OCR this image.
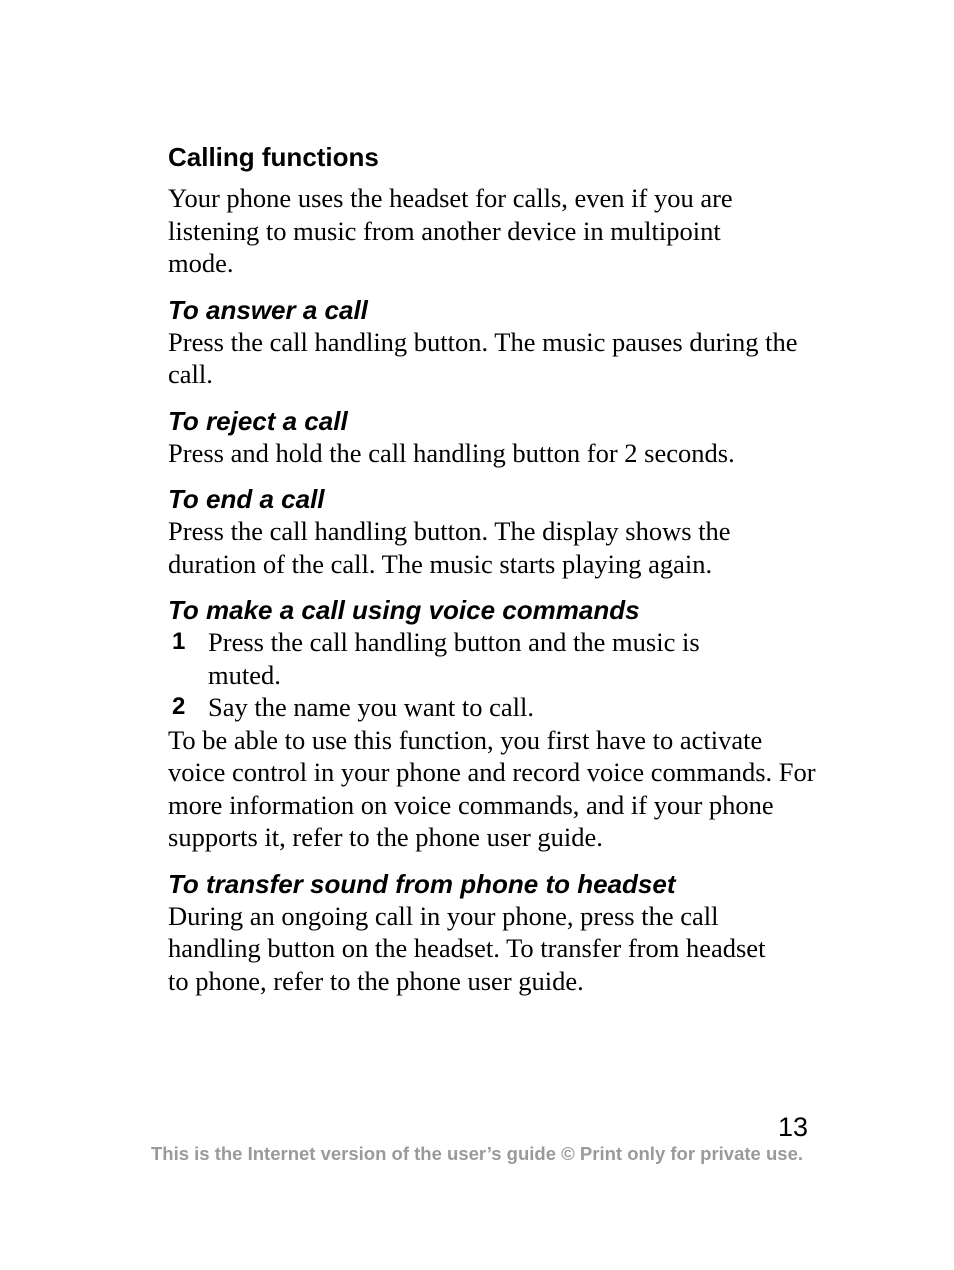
Calling functions

Your phone uses the headset for calls, even if you are listening to music from another device in multipoint mode.

To answer a call

Press the call handling button. The music pauses during the call.

To reject a call

Press and hold the call handling button for 2 seconds.

To end a call

Press the call handling button. The display shows the duration of the call. The music starts playing again.

To make a call using voice commands
1 Press the call handling button and the music is muted.
2 Say the name you want to call.

To be able to use this function, you first have to activate voice control in your phone and record voice commands. For more information on voice commands, and if your phone supports it, refer to the phone user guide.

To transfer sound from phone to headset

During an ongoing call in your phone, press the call handling button on the headset. To transfer from headset to phone, refer to the phone user guide.

13
This is the Internet version of the user’s guide © Print only for private use.
